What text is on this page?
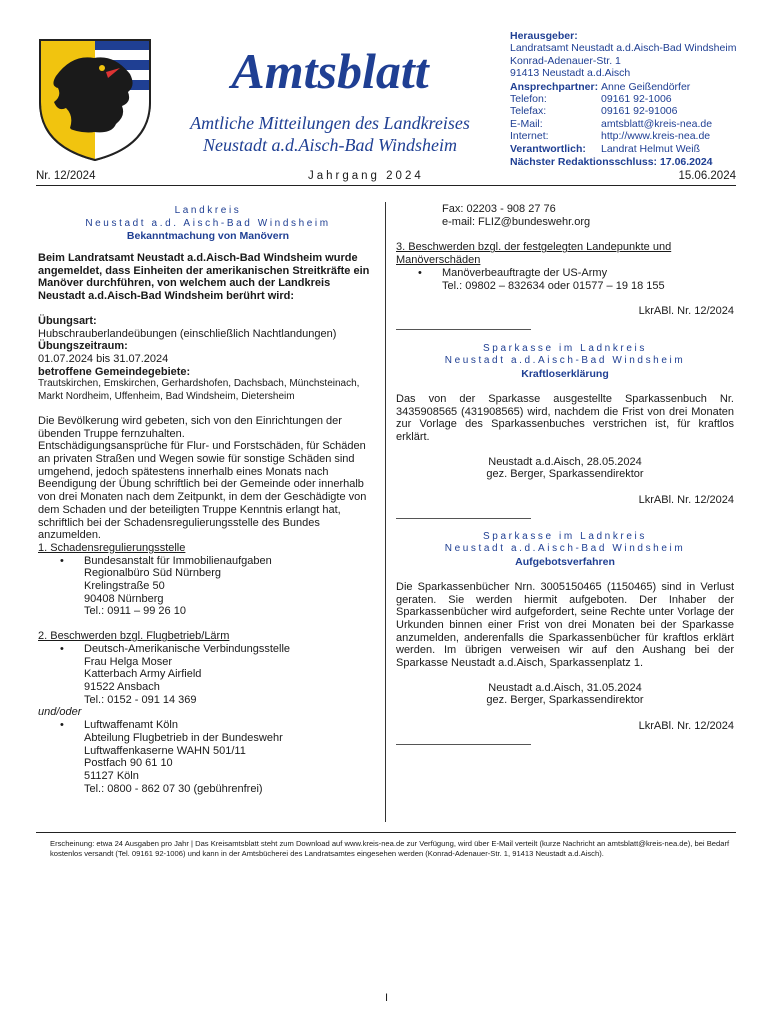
Amtsblatt
Amtliche Mitteilungen des Landkreises
Neustadt a.d.Aisch-Bad Windsheim
Herausgeber:
Landratsamt Neustadt a.d.Aisch-Bad Windsheim
Konrad-Adenauer-Str. 1
91413 Neustadt a.d.Aisch
Ansprechpartner: Anne Geißendörfer
Telefon:	09161 92-1006
Telefax:	09161 92-91006
E-Mail:	amtsblatt@kreis-nea.de
Internet:	http://www.kreis-nea.de
Verantwortlich:	Landrat Helmut Weiß
Nächster Redaktionsschluss: 17.06.2024
Nr. 12/2024	Jahrgang 2024	15.06.2024
Landkreis
Neustadt a.d. Aisch-Bad Windsheim
Bekanntmachung von Manövern
Beim Landratsamt Neustadt a.d.Aisch-Bad Windsheim wurde angemeldet, dass Einheiten der amerikanischen Streitkräfte ein Manöver durchführen, von welchem auch der Landkreis Neustadt a.d.Aisch-Bad Windsheim berührt wird:
Übungsart:
Hubschrauberlandeübungen (einschließlich Nachtlandungen)
Übungszeitraum:
01.07.2024 bis 31.07.2024
betroffene Gemeindegebiete:
Trautskirchen, Emskirchen, Gerhardshofen, Dachsbach, Münchsteinach, Markt Nordheim, Uffenheim, Bad Windsheim, Dietersheim
Die Bevölkerung wird gebeten, sich von den Einrichtungen der übenden Truppe fernzuhalten.
Entschädigungsansprüche für Flur- und Forstschäden, für Schäden an privaten Straßen und Wegen sowie für sonstige Schäden sind umgehend, jedoch spätestens innerhalb eines Monats nach Beendigung der Übung schriftlich bei der Gemeinde oder innerhalb von drei Monaten nach dem Zeitpunkt, in dem der Geschädigte von dem Schaden und der beteiligten Truppe Kenntnis erlangt hat, schriftlich bei der Schadensregulierungsstelle des Bundes anzumelden.
1. Schadensregulierungsstelle
• Bundesanstalt für Immobilienaufgaben
Regionalbüro Süd Nürnberg
Krelingstraße 50
90408 Nürnberg
Tel.: 0911 – 99 26 10
2. Beschwerden bzgl. Flugbetrieb/Lärm
• Deutsch-Amerikanische Verbindungsstelle
Frau Helga Moser
Katterbach Army Airfield
91522 Ansbach
Tel.: 0152 - 091 14 369
und/oder
• Luftwaffenamt Köln
Abteilung Flugbetrieb in der Bundeswehr
Luftwaffenkaserne WAHN 501/11
Postfach 90 61 10
51127 Köln
Tel.: 0800 - 862 07 30 (gebührenfrei)
Fax: 02203 - 908 27 76
e-mail: FLIZ@bundeswehr.org
3. Beschwerden bzgl. der festgelegten Landepunkte und Manöverschäden
• Manöverbeauftragte der US-Army
Tel.: 09802 – 832634 oder 01577 – 19 18 155
LkrABl. Nr. 12/2024
Sparkasse im Ladnkreis
Neustadt a.d.Aisch-Bad Windsheim
Kraftloserklärung
Das von der Sparkasse ausgestellte Sparkassenbuch Nr. 3435908565 (431908565) wird, nachdem die Frist von drei Monaten zur Vorlage des Sparkassenbuches verstrichen ist, für kraftlos erklärt.
Neustadt a.d.Aisch, 28.05.2024
gez. Berger, Sparkassendirektor
LkrABl. Nr. 12/2024
Sparkasse im Ladnkreis
Neustadt a.d.Aisch-Bad Windsheim
Aufgebotsverfahren
Die Sparkassenbücher Nrn. 3005150465 (1150465) sind in Verlust geraten. Sie werden hiermit aufgeboten. Der Inhaber der Sparkassenbücher wird aufgefordert, seine Rechte unter Vorlage der Urkunden binnen einer Frist von drei Monaten bei der Sparkasse anzumelden, anderenfalls die Sparkassenbücher für kraftlos erklärt werden. Im übrigen verweisen wir auf den Aushang bei der Sparkasse Neustadt a.d.Aisch, Sparkassenplatz 1.
Neustadt a.d.Aisch, 31.05.2024
gez. Berger, Sparkassendirektor
LkrABl. Nr. 12/2024
Erscheinung: etwa 24 Ausgaben pro Jahr | Das Kreisamtsblatt steht zum Download auf www.kreis-nea.de zur Verfügung, wird über E-Mail verteilt (kurze Nachricht an amtsblatt@kreis-nea.de), bei Bedarf kostenlos versandt (Tel. 09161 92-1006) und kann in der Amtsbücherei des Landratsamtes eingesehen werden (Konrad-Adenauer-Str. 1, 91413 Neustadt a.d.Aisch).
I
